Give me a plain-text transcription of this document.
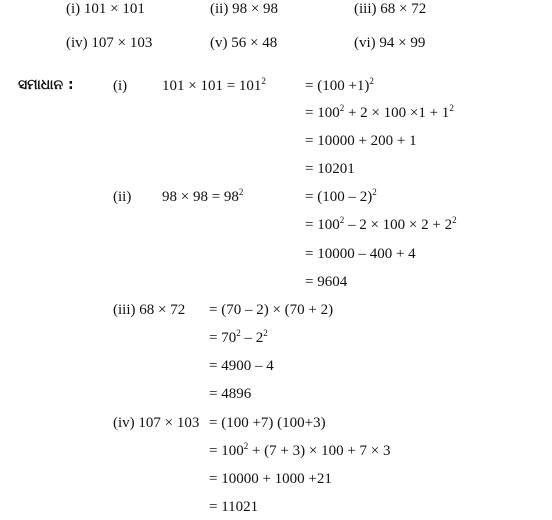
(i) 101 × 101	(ii) 98 × 98	(iii) 68 × 72
(iv) 107 × 103	(v) 56 × 48	(vi) 94 × 99
ସମାଧାନ :	(i) $101 \times 101 = 101^2$	= $(100 +1)^2$
= $100^2 + 2 \times 100 \times 1 + 1^2$
= 10000 + 200 + 1
= 10201
(ii) $98 \times 98 = 98^2$	= (100 – 2)$^2$
= $100^2 - 2 \times 100 \times 2 + 2^2$
= 10000 – 400 + 4
= 9604
(iii) 68 × 72 = (70 – 2) × (70 + 2)
= $70^2 - 2^2$
= 4900 – 4
= 4896
(iv) 107 × 103 = (100 +7) (100+3)
= $100^2 + (7 + 3) \times 100 + 7 \times 3$
= 10000 + 1000 +21
= 11021
